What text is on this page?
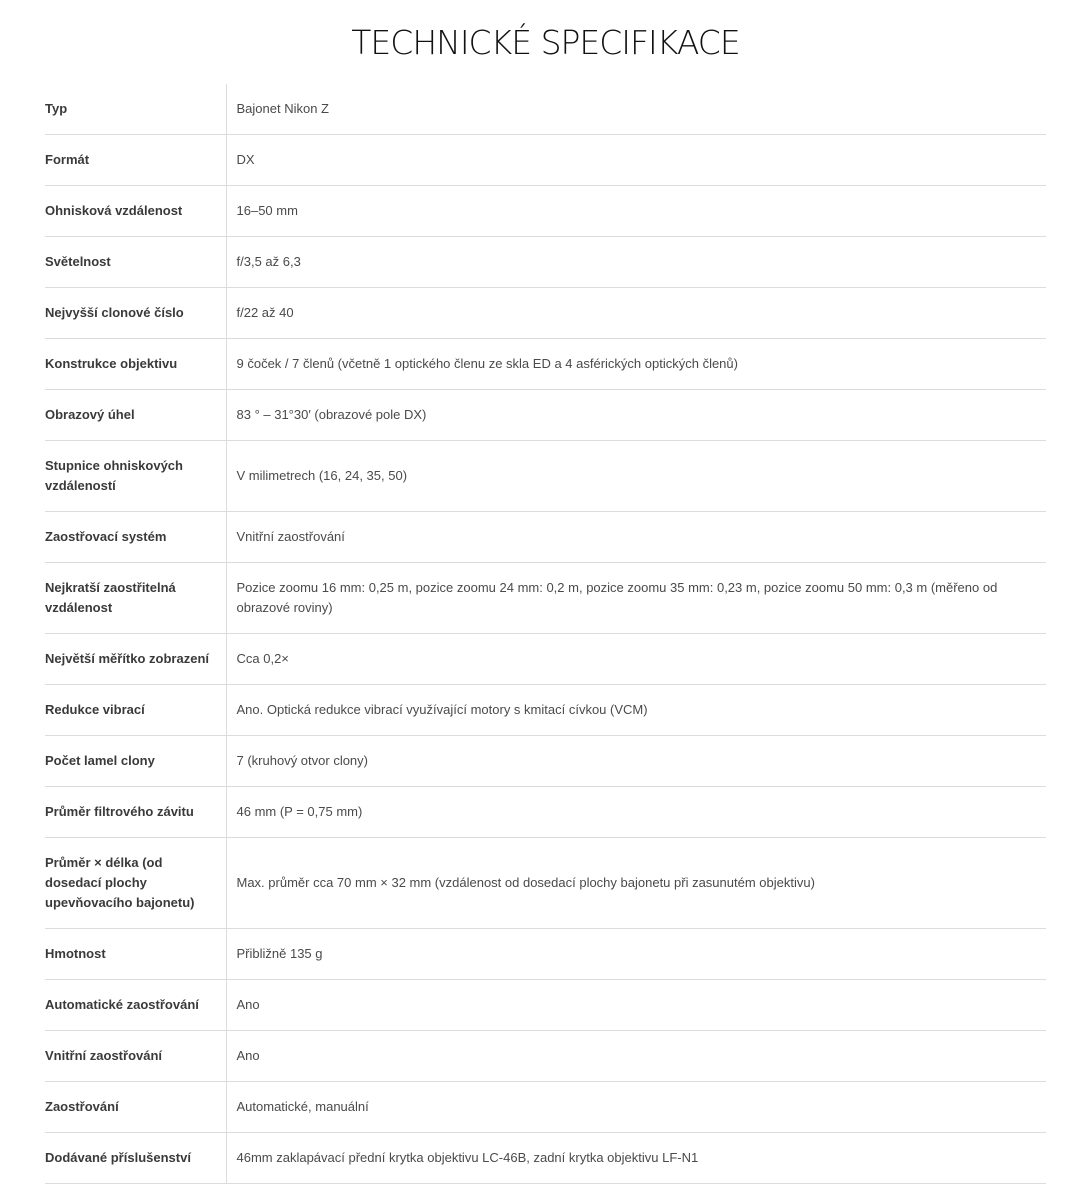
TECHNICKÉ SPECIFIKACE
Typ	Bajonet Nikon Z
Formát	DX
Ohnisková vzdálenost	16–50 mm
Světelnost	f/3,5 až 6,3
Nejvyšší clonové číslo	f/22 až 40
Konstrukce objektivu	9 čoček / 7 členů (včetně 1 optického členu ze skla ED a 4 asférických optických členů)
Obrazový úhel	83 ° – 31°30′ (obrazové pole DX)
Stupnice ohniskových vzdáleností	V milimetrech (16, 24, 35, 50)
Zaostřovací systém	Vnitřní zaostřování
Nejkratší zaostřitelná vzdálenost	Pozice zoomu 16 mm: 0,25 m, pozice zoomu 24 mm: 0,2 m, pozice zoomu 35 mm: 0,23 m, pozice zoomu 50 mm: 0,3 m (měřeno od obrazové roviny)
Největší měřítko zobrazení	Cca 0,2×
Redukce vibrací	Ano. Optická redukce vibrací využívající motory s kmitací cívkou (VCM)
Počet lamel clony	7 (kruhový otvor clony)
Průměr filtrového závitu	46 mm (P = 0,75 mm)
Průměr × délka (od dosedací plochy upevňovacího bajonetu)	Max. průměr cca 70 mm × 32 mm (vzdálenost od dosedací plochy bajonetu při zasunutém objektivu)
Hmotnost	Přibližně 135 g
Automatické zaostřování	Ano
Vnitřní zaostřování	Ano
Zaostřování	Automatické, manuální
Dodávané příslušenství	46mm zaklapávací přední krytka objektivu LC-46B, zadní krytka objektivu LF-N1
